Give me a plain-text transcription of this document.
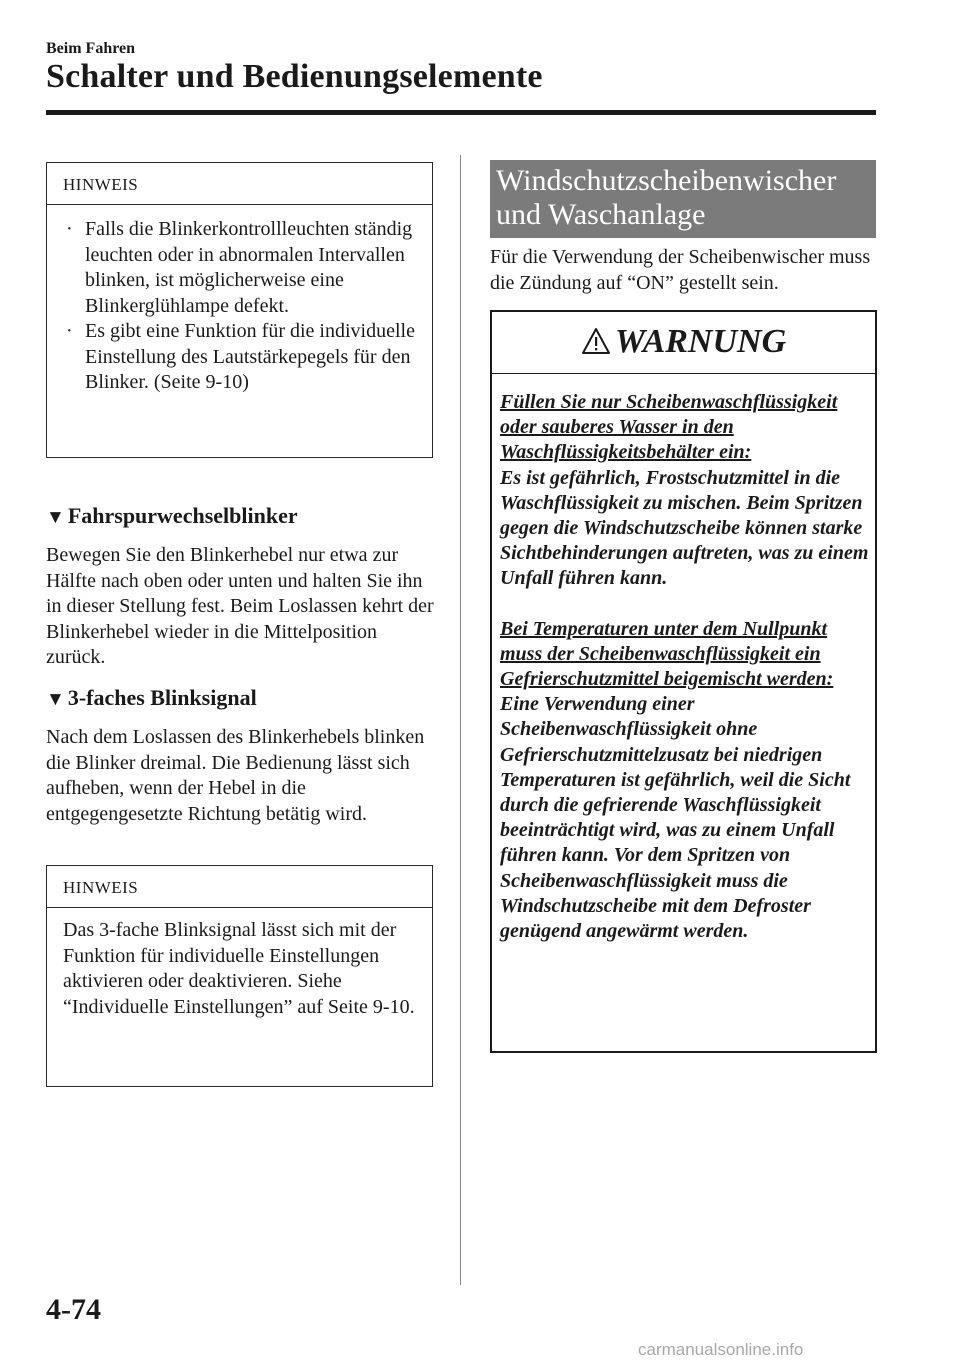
Beim Fahren
Schalter und Bedienungselemente
HINWEIS
· Falls die Blinkerkontrollleuchten ständig leuchten oder in abnormalen Intervallen blinken, ist möglicherweise eine Blinkerglühlampe defekt.
· Es gibt eine Funktion für die individuelle Einstellung des Lautstärkepegels für den Blinker. (Seite 9-10)
▼ Fahrspurwechselblinker
Bewegen Sie den Blinkerhebel nur etwa zur Hälfte nach oben oder unten und halten Sie ihn in dieser Stellung fest. Beim Loslassen kehrt der Blinkerhebel wieder in die Mittelposition zurück.
▼ 3-faches Blinksignal
Nach dem Loslassen des Blinkerhebels blinken die Blinker dreimal. Die Bedienung lässt sich aufheben, wenn der Hebel in die entgegengesetzte Richtung betätig wird.
HINWEIS
Das 3-fache Blinksignal lässt sich mit der Funktion für individuelle Einstellungen aktivieren oder deaktivieren. Siehe “Individuelle Einstellungen” auf Seite 9-10.
Windschutzscheibenwischer und Waschanlage
Für die Verwendung der Scheibenwischer muss die Zündung auf “ON” gestellt sein.
WARNUNG

Füllen Sie nur Scheibenwaschflüssigkeit oder sauberes Wasser in den Waschflüssigkeitsbehälter ein:

Es ist gefährlich, Frostschutzmittel in die Waschflüssigkeit zu mischen. Beim Spritzen gegen die Windschutzscheibe können starke Sichtbehinderungen auftreten, was zu einem Unfall führen kann.

Bei Temperaturen unter dem Nullpunkt muss der Scheibenwaschflüssigkeit ein Gefrierschutzmittel beigemischt werden:

Eine Verwendung einer Scheibenwaschflüssigkeit ohne Gefrierschutzmittelzusatz bei niedrigen Temperaturen ist gefährlich, weil die Sicht durch die gefrierende Waschflüssigkeit beeinträchtigt wird, was zu einem Unfall führen kann. Vor dem Spritzen von Scheibenwaschflüssigkeit muss die Windschutzscheibe mit dem Defroster genügend angewärmt werden.

4-74
carmanualsonline.info
